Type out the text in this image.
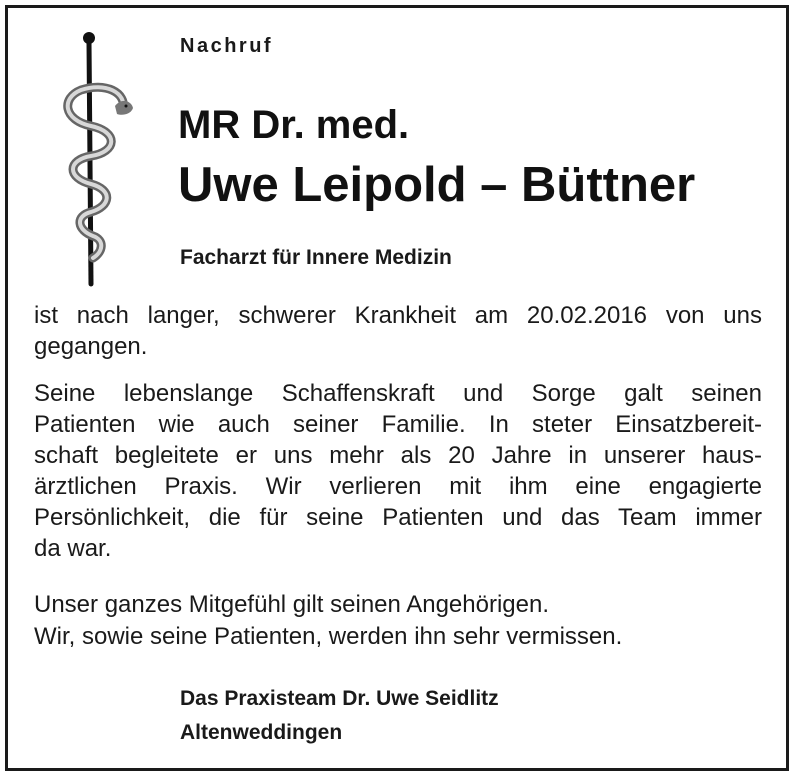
Nachruf

MR Dr. med.

Uwe Leipold – Büttner

Facharzt für Innere Medizin

ist nach langer, schwerer Krankheit am 20.02.2016 von uns
gegangen.
Seine lebenslange Schaffenskraft und Sorge galt seinen
Patienten wie auch seiner Familie. In steter Einsatzbereit-
schaft begleitete er uns mehr als 20 Jahre in unserer haus-
ärztlichen Praxis. Wir verlieren mit ihm eine engagierte
Persönlichkeit, die für seine Patienten und das Team immer
da war.

Unser ganzes Mitgefühl gilt seinen Angehörigen.

Wir, sowie seine Patienten, werden ihn sehr vermissen.

Das Praxisteam Dr. Uwe Seidlitz

Altenweddingen
